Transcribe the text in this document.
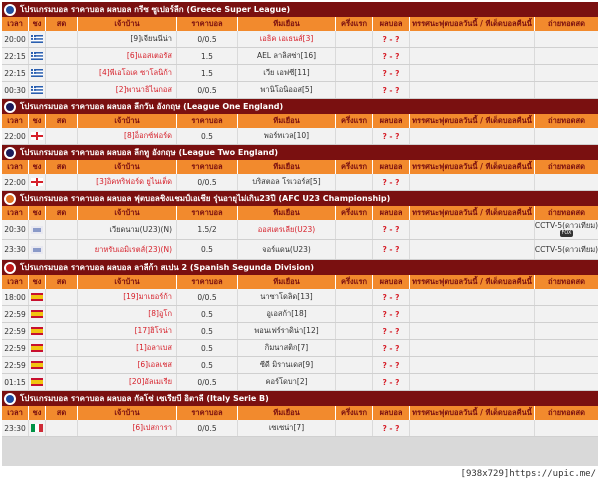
โปรแกรมบอล ราคาบอล ผลบอล กรีซ ซูเปอร์ลีก (Greece Super League)
เวลา	ชง	สด	เจ้าบ้าน	ราคาบอล	ทีมเยือน	ครึ่งแรก	ผลบอล	ทรรศนะฟุตบอลวันนี้ / ทีเด็ดบอลคืนนี้	ถ่ายทอดสด
20:00	[9]เจียนนีน่า	0/0.5	เอธิค เอเธนส์[3]	? - ?
22:15	[6]แอสเตอรัส	1.5	AEL ลาลิสซ่า[16]	? - ?
22:15	[4]พีเอโอเค ซาโลนิก้า	1.5	เวีย เอฟซี[11]	? - ?
00:30	[2]พานาธิไนกอส	0/0.5	พานิโอนิออส[5]	? - ?
โปรแกรมบอล ราคาบอล ผลบอล ลีกวัน อังกฤษ (League One England)
เวลา	ชง	สด	เจ้าบ้าน	ราคาบอล	ทีมเยือน	ครึ่งแรก	ผลบอล	ทรรศนะฟุตบอลวันนี้ / ทีเด็ดบอลคืนนี้	ถ่ายทอดสด
22:00	[8]อ็อกซ์ฟอร์ด	0.5	พอร์ทเวล[10]	? - ?
โปรแกรมบอล ราคาบอล ผลบอล ลีกทู อังกฤษ (League Two England)
เวลา	ชง	สด	เจ้าบ้าน	ราคาบอล	ทีมเยือน	ครึ่งแรก	ผลบอล	ทรรศนะฟุตบอลวันนี้ / ทีเด็ดบอลคืนนี้	ถ่ายทอดสด
22:00	[3]อิคทริฟอร์ด ยูไนเต็ด	0/0.5	บริสตอล โรเวอร์ส[5]	? - ?
โปรแกรมบอล ราคาบอล ผลบอล ฟุตบอลชิงแชมป์เอเชีย รุ่นอายุไม่เกิน23ปี (AFC U23 Championship)
เวลา	ชง	สด	เจ้าบ้าน	ราคาบอล	ทีมเยือน	ครึ่งแรก	ผลบอล	ทรรศนะฟุตบอลวันนี้ / ทีเด็ดบอลคืนนี้	ถ่ายทอดสด
20:30	เวียดนาม(U23)(N)	1.5/2	ออสเตรเลีย(U23)	? - ?	CCTV-5(ดาวเทียม)
FOX
23:30	ยาหรับเอมิเรตส์(23)(N)	0.5	จอร์แดน(U23)	? - ?	CCTV-5(ดาวเทียม)
โปรแกรมบอล ราคาบอล ผลบอล ลาลีก้า สเปน 2 (Spanish Segunda Division)
เวลา	ชง	สด	เจ้าบ้าน	ราคาบอล	ทีมเยือน	ครึ่งแรก	ผลบอล	ทรรศนะฟุตบอลวันนี้ / ทีเด็ดบอลคืนนี้	ถ่ายทอดสด
18:00	[19]มาเยอร์ก้า	0/0.5	นาซาโดลิด[13]	? - ?
22:59	[8]อูโก	0.5	อูเอสก้า[18]	? - ?
22:59	[17]ฮิโรน่า	0.5	พอนเฟร์ราดิน่า[12]	? - ?
22:59	[1]อลาเบส	0.5	กิมนาสติก[7]	? - ?
22:59	[6]เอลเชส	0.5	ซีดี มิรานเดส[9]	? - ?
01:15	[20]อัลเมเรีย	0/0.5	คอร์โดบา[2]	? - ?
โปรแกรมบอล ราคาบอล ผลบอล กัลโซ่ เซเรียบี อิตาลี (Italy Serie B)
เวลา	ชง	สด	เจ้าบ้าน	ราคาบอล	ทีมเยือน	ครึ่งแรก	ผลบอล	ทรรศนะฟุตบอลวันนี้ / ทีเด็ดบอลคืนนี้	ถ่ายทอดสด
23:30	[6]เปสการา	0/0.5	เซเซน่า[7]	? - ?
[938x729]https://upic.me/
